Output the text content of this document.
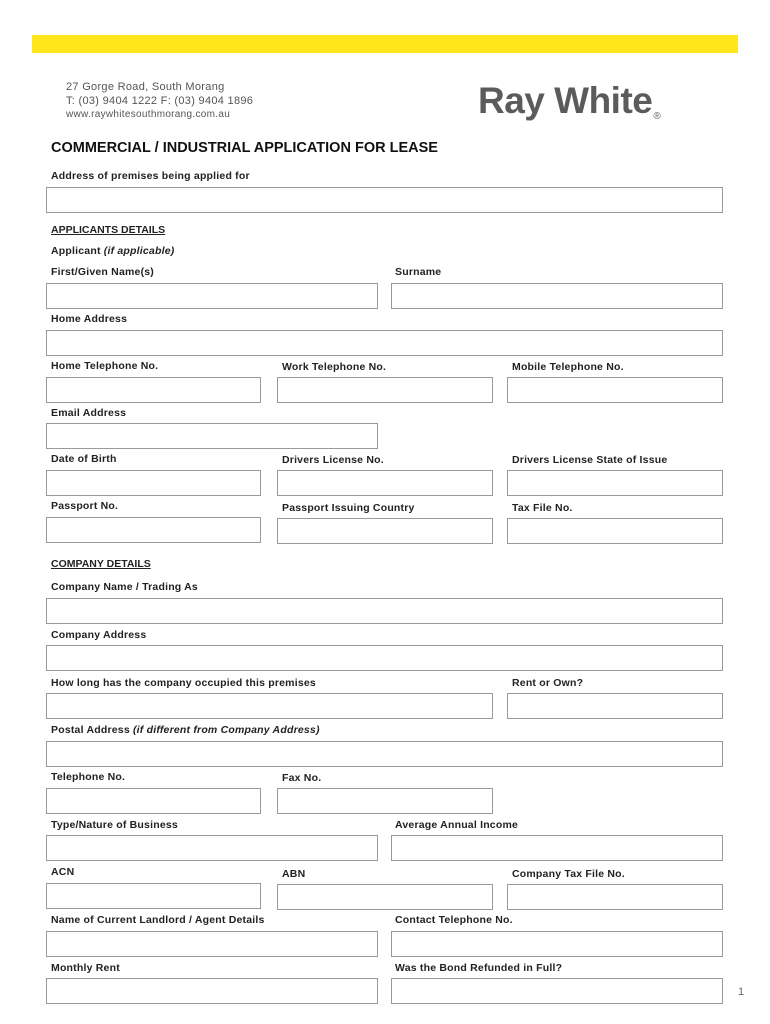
27 Gorge Road, South Morang
T: (03) 9404 1222 F: (03) 9404 1896
www.raywhitesouthmorang.com.au	Ray White®
COMMERCIAL / INDUSTRIAL APPLICATION FOR LEASE
Address of premises being applied for
APPLICANTS DETAILS
Applicant (if applicable)
First/Given Name(s)	Surname
Home Address
Home Telephone No.	Work Telephone No.	Mobile Telephone No.
Email Address
Date of Birth	Drivers License No.	Drivers License State of Issue
Passport No.	Passport Issuing Country	Tax File No.
COMPANY DETAILS
Company Name / Trading As
Company Address
How long has the company occupied this premises	Rent or Own?
Postal Address (if different from Company Address)
Telephone No.	Fax No.
Type/Nature of Business	Average Annual Income
ACN	ABN	Company Tax File No.
Name of Current Landlord / Agent Details	Contact Telephone No.
Monthly Rent	Was the Bond Refunded in Full?
1
